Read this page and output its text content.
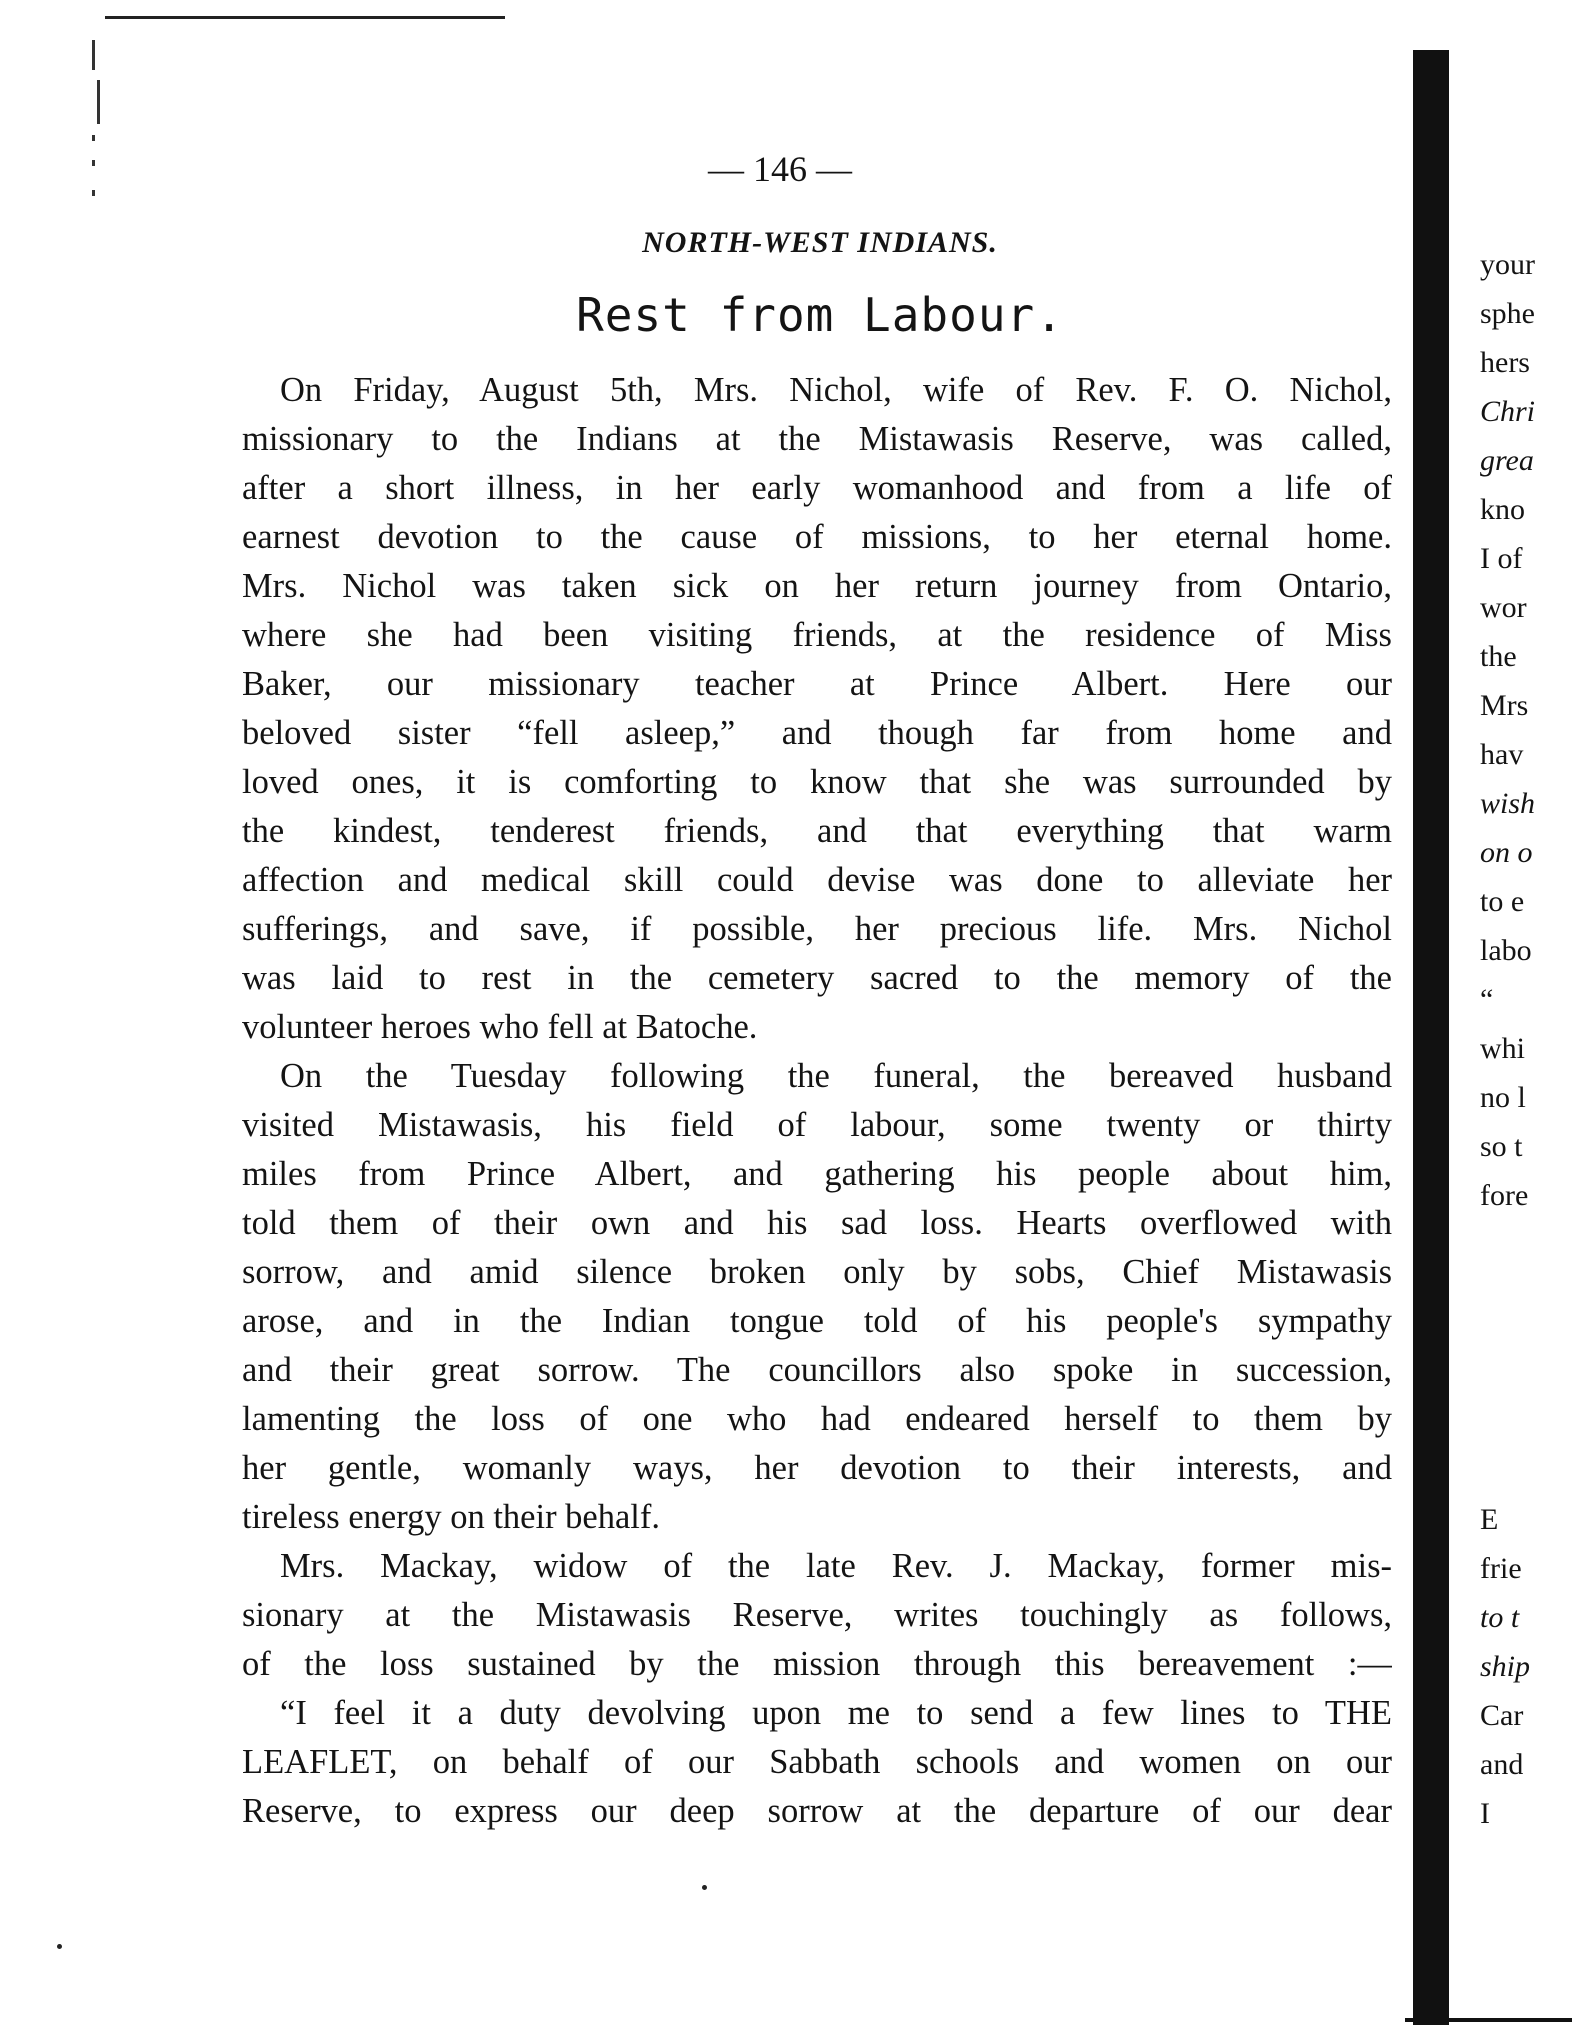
— 146 —
NORTH-WEST INDIANS.
Rest from Labour.
On Friday, August 5th, Mrs. Nichol, wife of Rev. F. O. Nichol,
missionary to the Indians at the Mistawasis Reserve, was called,
after a short illness, in her early womanhood and from a life of
earnest devotion to the cause of missions, to her eternal home.
Mrs. Nichol was taken sick on her return journey from Ontario,
where she had been visiting friends, at the residence of Miss
Baker, our missionary teacher at Prince Albert. Here our
beloved sister “fell asleep,” and though far from home and
loved ones, it is comforting to know that she was surrounded by
the kindest, tenderest friends, and that everything that warm
affection and medical skill could devise was done to alleviate her
sufferings, and save, if possible, her precious life. Mrs. Nichol
was laid to rest in the cemetery sacred to the memory of the
volunteer heroes who fell at Batoche.
On the Tuesday following the funeral, the bereaved husband
visited Mistawasis, his field of labour, some twenty or thirty
miles from Prince Albert, and gathering his people about him,
told them of their own and his sad loss. Hearts overflowed with
sorrow, and amid silence broken only by sobs, Chief Mistawasis
arose, and in the Indian tongue told of his people's sympathy
and their great sorrow. The councillors also spoke in succession,
lamenting the loss of one who had endeared herself to them by
her gentle, womanly ways, her devotion to their interests, and
tireless energy on their behalf.
Mrs. Mackay, widow of the late Rev. J. Mackay, former mis-
sionary at the Mistawasis Reserve, writes touchingly as follows,
of the loss sustained by the mission through this bereavement :—
“I feel it a duty devolving upon me to send a few lines to THE
LEAFLET, on behalf of our Sabbath schools and women on our
Reserve, to express our deep sorrow at the departure of our dear
your
sphe
hers
Chri
grea
kno
I of
wor
the
Mrs
hav
wish
on o
to e
labo
“
whi
no l
so t
fore
E
frie
to t
ship
Car
and
I
